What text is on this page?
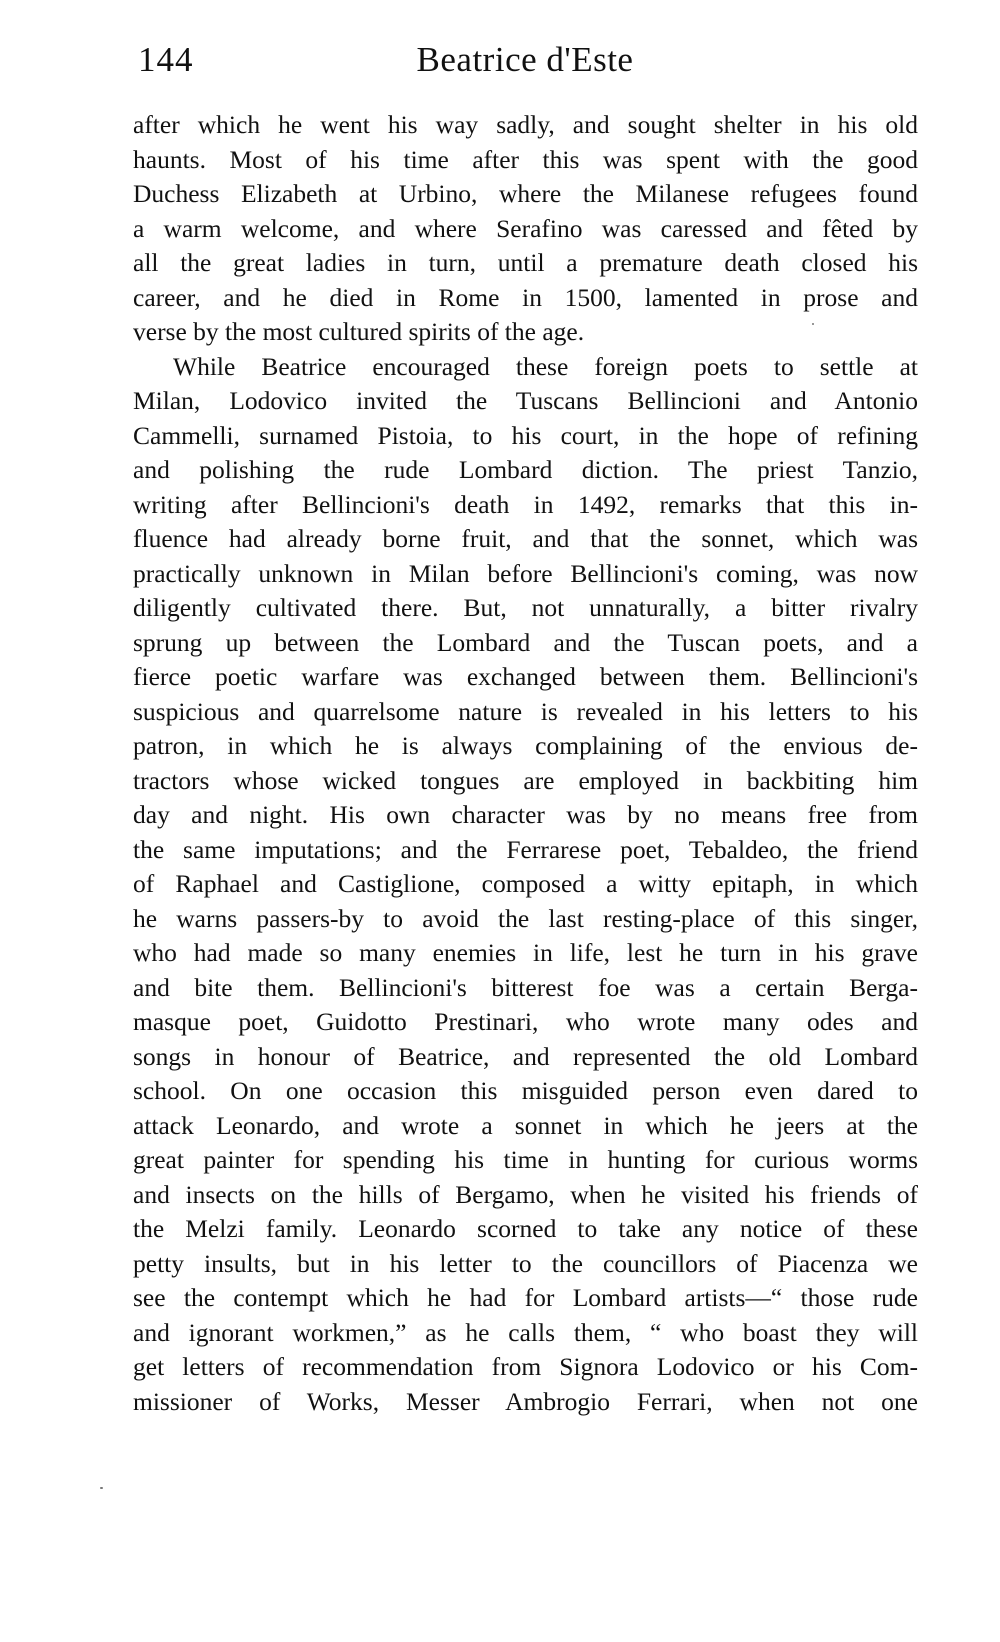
144	Beatrice d'Este
after which he went his way sadly, and sought shelter in his old
haunts. Most of his time after this was spent with the good
Duchess Elizabeth at Urbino, where the Milanese refugees found
a warm welcome, and where Serafino was caressed and fêted by
all the great ladies in turn, until a premature death closed his
career, and he died in Rome in 1500, lamented in prose and
verse by the most cultured spirits of the age.
While Beatrice encouraged these foreign poets to settle at
Milan, Lodovico invited the Tuscans Bellincioni and Antonio
Cammelli, surnamed Pistoia, to his court, in the hope of refining
and polishing the rude Lombard diction. The priest Tanzio,
writing after Bellincioni's death in 1492, remarks that this in-
fluence had already borne fruit, and that the sonnet, which was
practically unknown in Milan before Bellincioni's coming, was now
diligently cultivated there. But, not unnaturally, a bitter rivalry
sprung up between the Lombard and the Tuscan poets, and a
fierce poetic warfare was exchanged between them. Bellincioni's
suspicious and quarrelsome nature is revealed in his letters to his
patron, in which he is always complaining of the envious de-
tractors whose wicked tongues are employed in backbiting him
day and night. His own character was by no means free from
the same imputations; and the Ferrarese poet, Tebaldeo, the friend
of Raphael and Castiglione, composed a witty epitaph, in which
he warns passers-by to avoid the last resting-place of this singer,
who had made so many enemies in life, lest he turn in his grave
and bite them. Bellincioni's bitterest foe was a certain Berga-
masque poet, Guidotto Prestinari, who wrote many odes and
songs in honour of Beatrice, and represented the old Lombard
school. On one occasion this misguided person even dared to
attack Leonardo, and wrote a sonnet in which he jeers at the
great painter for spending his time in hunting for curious worms
and insects on the hills of Bergamo, when he visited his friends of
the Melzi family. Leonardo scorned to take any notice of these
petty insults, but in his letter to the councillors of Piacenza we
see the contempt which he had for Lombard artists—“ those rude
and ignorant workmen,” as he calls them, “ who boast they will
get letters of recommendation from Signora Lodovico or his Com-
missioner of Works, Messer Ambrogio Ferrari, when not one
